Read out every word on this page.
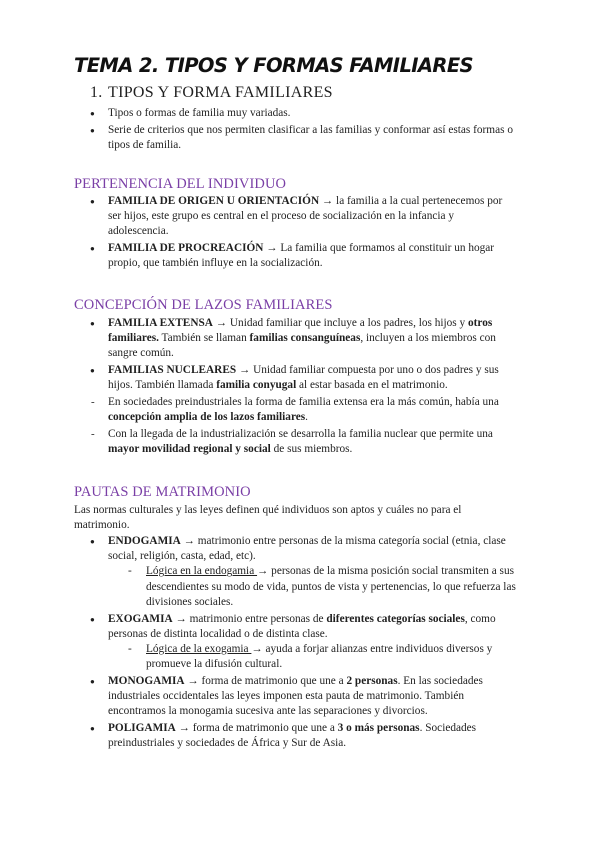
TEMA 2. TIPOS Y FORMAS FAMILIARES
1. TIPOS Y FORMA FAMILIARES
● Tipos o formas de familia muy variadas.
● Serie de criterios que nos permiten clasificar a las familias y conformar así estas formas o tipos de familia.
PERTENENCIA DEL INDIVIDUO
● FAMILIA DE ORIGEN U ORIENTACIÓN → la familia a la cual pertenecemos por ser hijos, este grupo es central en el proceso de socialización en la infancia y adolescencia.
● FAMILIA DE PROCREACIÓN → La familia que formamos al constituir un hogar propio, que también influye en la socialización.
CONCEPCIÓN DE LAZOS FAMILIARES
● FAMILIA EXTENSA → Unidad familiar que incluye a los padres, los hijos y otros familiares. También se llaman familias consanguíneas, incluyen a los miembros con sangre común.
● FAMILIAS NUCLEARES → Unidad familiar compuesta por uno o dos padres y sus hijos. También llamada familia conyugal al estar basada en el matrimonio.
- En sociedades preindustriales la forma de familia extensa era la más común, había una concepción amplia de los lazos familiares.
- Con la llegada de la industrialización se desarrolla la familia nuclear que permite una mayor movilidad regional y social de sus miembros.
PAUTAS DE MATRIMONIO
Las normas culturales y las leyes definen qué individuos son aptos y cuáles no para el matrimonio.
● ENDOGAMIA → matrimonio entre personas de la misma categoría social (etnia, clase social, religión, casta, edad, etc).
- Lógica en la endogamia → personas de la misma posición social transmiten a sus descendientes su modo de vida, puntos de vista y pertenencias, lo que refuerza las divisiones sociales.
● EXOGAMIA → matrimonio entre personas de diferentes categorías sociales, como personas de distinta localidad o de distinta clase.
- Lógica de la exogamia → ayuda a forjar alianzas entre individuos diversos y promueve la difusión cultural.
● MONOGAMIA → forma de matrimonio que une a 2 personas. En las sociedades industriales occidentales las leyes imponen esta pauta de matrimonio. También encontramos la monogamia sucesiva ante las separaciones y divorcios.
● POLIGAMIA → forma de matrimonio que une a 3 o más personas. Sociedades preindustriales y sociedades de África y Sur de Asia.
